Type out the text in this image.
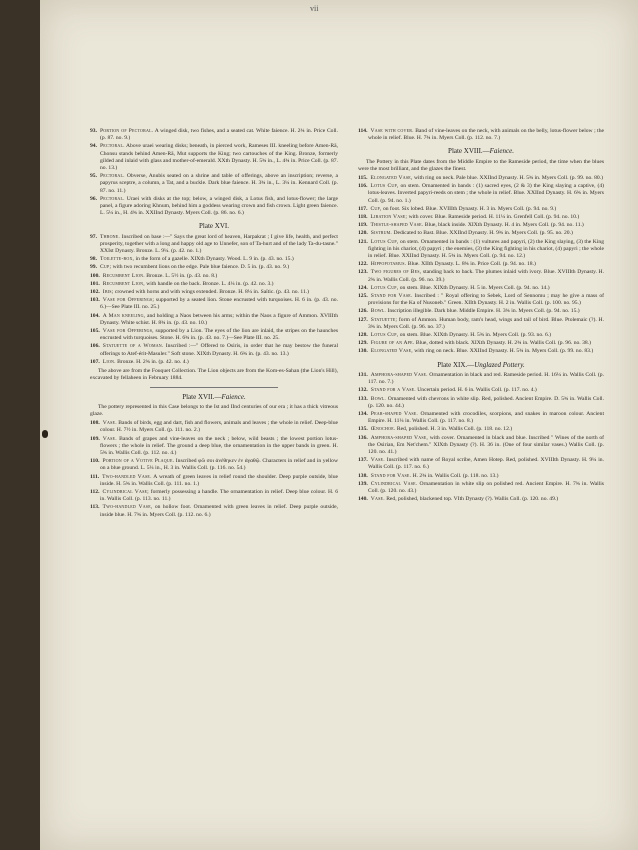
vii

93. Portion of Pectoral. A winged disk, two fishes, and a seated cat. White faience. H. 2¾ in. Price Coll. (p. 87. no. 9.)

94. Pectoral. Above uraei wearing disks; beneath, in pierced work, Rameses III. kneeling before Amen-Rā, Chonsu stands behind Amen-Rā, Mut supports the King; two cartouches of the King. Bronze, formerly gilded and inlaid with glass and mother-of-emerald. XXth Dynasty. H. 5¾ in., L. 4¾ in. Price Coll. (p. 87. no. 13.)

95. Pectoral. Obverse, Anubis seated on a shrine and table of offerings, above an inscription; reverse, a papyrus sceptre, a column, a Tat, and a buckle. Dark blue faience. H. 3¾ in., L. 3¼ in. Kennard Coll. (p. 87. no. 11.)

96. Pectoral. Uraei with disks at the top; below, a winged disk, a Lotus fish, and lotus-flower; the large panel, a figure adoring Khnum, behind him a goddess wearing crown and fish crown. Light green faience. L. 5¼ in., H. 4¾ in. XXIInd Dynasty. Myers Coll. (p. 86. no. 6.)

Plate XVI.

97. Throne. Inscribed on base :—" Says the great lord of heaven, Harpakrat ; I give life, health, and perfect prosperity, together with a long and happy old age to Unnefer, son of Ta-hurt and of the lady Ta-du-tasne." XXIst Dynasty. Bronze. L. 9¼. (p. 42. no. 1.)

98. Toilette-box, in the form of a gazelle. XIXth Dynasty. Wood. L. 9 in. (p. 43. no. 15.)

99. Cup; with two recumbent lions on the edge. Pale blue faience. D. 5 in. (p. 43. no. 9.)

100. Recumbent Lion. Bronze. L. 5½ in. (p. 43. no. 8.)

101. Recumbent Lion, with handle on the back. Bronze. L. 4¼ in. (p. 42. no. 3.)

102. Ibis; crowned with horns and with wings extended. Bronze. H. 8¼ in. Saïtic. (p. 43. no. 11.)

103. Vase for Offerings; supported by a seated lion. Stone encrusted with turquoises. H. 6 in. (p. 43. no. 6.)—See Plate III. no. 25.)

104. A Man kneeling, and holding a Naos between his arms; within the Naos a figure of Ammon. XVIIIth Dynasty. White schist. H. 8¾ in. (p. 43. no. 10.)

105. Vase for Offerings, supported by a Lion. The eyes of the lion are inlaid, the stripes on the haunches encrusted with turquoises. Stone. H. 6¾ in. (p. 43. no. 7.)—See Plate III. no. 25.

106. Statuette of a Woman. Inscribed :—" Offered to Osiris, in order that he may bestow the funeral offerings to Atef-érit-Masuler." Soft stone. XIXth Dynasty. H. 6¾ in. (p. 43. no. 13.)

107. Lion. Bronze. H. 2¾ in. (p. 42. no. 4.)

The above are from the Fouquet Collection. The Lion objects are from the Kom-es-Sahan (the Lion's Hill), excavated by fellaheen in February 1884.

Plate XVII.—Faience.

The pottery represented in this Case belongs to the Ist and IInd centuries of our era ; it has a thick vitreous glaze.

108. Vase. Bands of birds, egg and dart, fish and flowers, animals and leaves ; the whole in relief. Deep-blue colour. H. 7½ in. Myers Coll. (p. 111. no. 2.)

109. Vase. Bands of grapes and vine-leaves on the neck ; below, wild beasts ; the lowest portion lotus-flowers ; the whole in relief. The ground a deep blue, the ornamentation in the upper bands in green. H. 5¾ in. Wallis Coll. (p. 112. no. 4.)

110. Portion of a Votive Plaque. Inscribed φῶ σοι ἀνέθηκεν ἐν ἀγαθῷ. Characters in relief and in yellow on a blue ground. L. 5¼ in., H. 3 in. Wallis Coll. (p. 116. no. 54.)

111. Two-handled Vase. A wreath of green leaves in relief round the shoulder. Deep purple outside, blue inside. H. 5¾ in. Wallis Coll. (p. 111. no. 1.)

112. Cylindrical Vase; formerly possessing a handle. The ornamentation in relief. Deep blue colour. H. 6 in. Wallis Coll. (p. 113. no. 11.)

113. Two-handled Vase, on hollow foot. Ornamented with green leaves in relief. Deep purple outside, inside blue. H. 7¾ in. Myers Coll. (p. 112. no. 6.)

114. Vase with cover. Band of vine-leaves on the neck, with animals on the belly, lotus-flower below ; the whole in relief. Blue. H. 7¾ in. Myers Coll. (p. 112. no. 7.)

Plate XVIII.—Faience.

The Pottery in this Plate dates from the Middle Empire to the Rameside period, the time when the blues were the most brilliant, and the glazes the finest.

115. Elongated Vase, with ring on neck. Pale blue. XXIInd Dynasty. H. 5¾ in. Myers Coll. (p. 99. no. 80.)

116. Lotus Cup, on stem. Ornamented in bands : (1) sacred eyes, (2 & 3) the King slaying a captive, (4) lotus-leaves. Inverted papyri-reeds on stem ; the whole in relief. Blue. XXIInd Dynasty. H. 6¾ in. Myers Coll. (p. 94. no. 1.)

117. Cup, on foot. Six lobed. Blue. XVIIIth Dynasty. H. 3 in. Myers Coll. (p. 94. no. 9.)

118. Libation Vase; with cover. Blue. Rameside period. H. 11¼ in. Grenfell Coll. (p. 94. no. 10.)

119. Thistle-shaped Vase. Blue, black inside. XIXth Dynasty. H. 4 in. Myers Coll. (p. 94. no. 11.)

120. Sistrum. Dedicated to Bast. Blue. XXIInd Dynasty. H. 9¾ in. Myers Coll. (p. 95. no. 20.)

121. Lotus Cup, on stem. Ornamented in bands : (1) vultures and papyri, (2) the King slaying, (3) the King fighting in his chariot, (4) papyri ; the enemies, (3) the King fighting in his chariot, (4) papyri ; the whole in relief. Blue. XXIInd Dynasty. H. 5¾ in. Myers Coll. (p. 94. no. 12.)

122. Hippopotamus. Blue. XIIth Dynasty. L. 8¾ in. Price Coll. (p. 94. no. 18.)

123. Two figures of Bes, standing back to back. The plumes inlaid with ivory. Blue. XVIIIth Dynasty. H. 2¾ in. Wallis Coll. (p. 96. no. 39.)

124. Lotus Cup, on stem. Blue. XIXth Dynasty. H. 5 in. Myers Coll. (p. 94. no. 14.)

125. Stand for Vase. Inscribed : " Royal offering to Sebek, Lord of Sennomu ; may he give a mass of provisions for the Ka of Nusoneb." Green. XIIth Dynasty. H. 2 in. Wallis Coll. (p. 100. no. 95.)

126. Bowl. Inscription illegible. Dark blue. Middle Empire. H. 3¾ in. Myers Coll. (p. 94. no. 15.)

127. Statuette; form of Ammon. Human body, ram's head, wings and tail of bird. Blue. Ptolemaic (?). H. 3¾ in. Myers Coll. (p. 96. no. 37.)

128. Lotus Cup, on stem. Blue. XIXth Dynasty. H. 5¾ in. Myers Coll. (p. 93. no. 6.)

129. Figure of an Ape. Blue, dotted with black. XIXth Dynasty. H. 2¾ in. Wallis Coll. (p. 96. no. 38.)

130. Elongated Vase, with ring on neck. Blue. XXIInd Dynasty. H. 5¾ in. Myers Coll. (p. 99. no. 83.)

Plate XIX.—Unglazed Pottery.

131. Amphora-shaped Vase. Ornamentation in black and red. Rameside period. H. 16¼ in. Wallis Coll. (p. 117. no. 7.)

132. Stand for a Vase. Uncertain period. H. 6 in. Wallis Coll. (p. 117. no. 4.)

133. Bowl. Ornamented with chevrons in white slip. Red, polished. Ancient Empire. D. 5¾ in. Wallis Coll. (p. 120. no. 44.)

134. Pear-shaped Vase. Ornamented with crocodiles, scorpions, and snakes in maroon colour. Ancient Empire. H. 11¼ in. Wallis Coll. (p. 117. no. 8.)

135. Œnochoe. Red, polished. H. 3 in. Wallis Coll. (p. 118. no. 12.)

136. Amphora-shaped Vase, with cover. Ornamented in black and blue. Inscribed " Wines of the north of the Osirian, Em Net'chem." XIXth Dynasty (?). H. 36 in. (One of four similar vases.) Wallis Coll. (p. 120. no. 41.)

137. Vase. Inscribed with name of Royal scribe, Amen Hotep. Red, polished. XVIIIth Dynasty. H. 9¼ in. Wallis Coll. (p. 117. no. 6.)

138. Stand for Vase. H. 2¾ in. Wallis Coll. (p. 118. no. 13.)

139. Cylindrical Vase. Ornamentation in white slip on polished red. Ancient Empire. H. 7¾ in. Wallis Coll. (p. 120. no. 43.)

140. Vase. Red, polished, blackened top. VIth Dynasty (?). Wallis Coll. (p. 120. no. 49.)
